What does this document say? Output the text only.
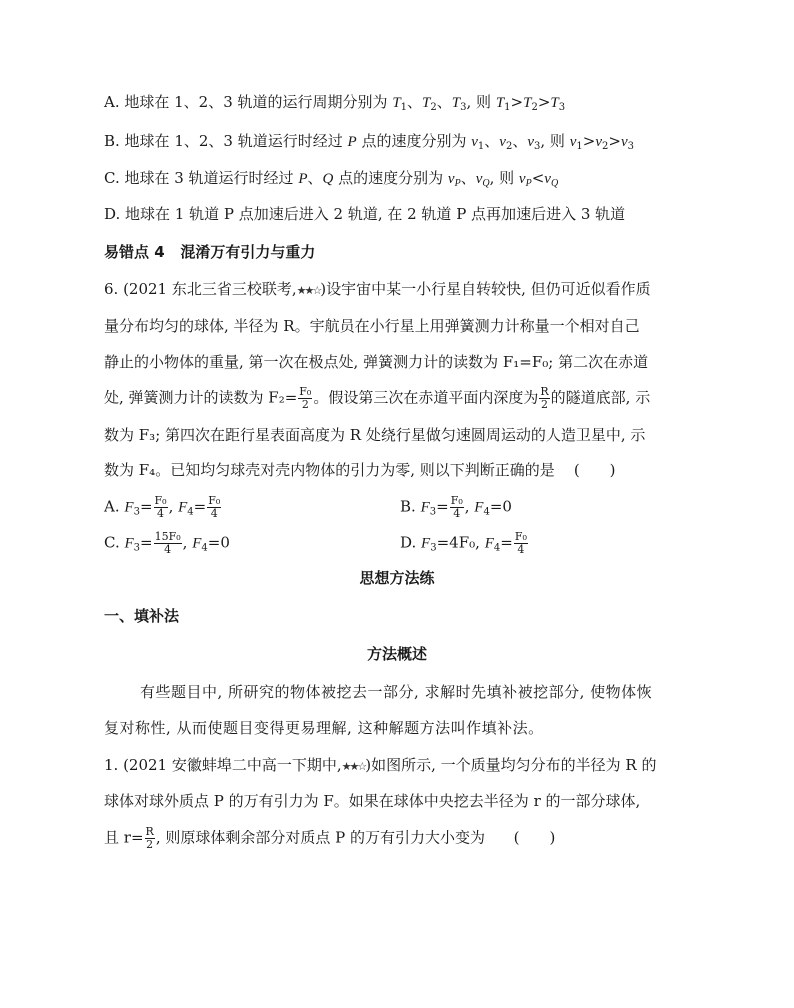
A. 地球在 1、2、3 轨道的运行周期分别为 $T_1$、$T_2$、$T_3$, 则 $T_1>T_2>T_3$
B. 地球在 1、2、3 轨道运行时经过 P 点的速度分别为 $v_1$、$v_2$、$v_3$, 则 $v_1>v_2>v_3$
C. 地球在 3 轨道运行时经过 P、Q 点的速度分别为 $v_P$、$v_Q$, 则 $v_P<v_Q$
D. 地球在 1 轨道 P 点加速后进入 2 轨道, 在 2 轨道 P 点再加速后进入 3 轨道
易错点 4 混淆万有引力与重力
6. (2021 东北三省三校联考,★★☆)设宇宙中某一小行星自转较快, 但仍可近似看作质
量分布均匀的球体, 半径为 R。宇航员在小行星上用弹簧测力计称量一个相对自己
静止的小物体的重量, 第一次在极点处, 弹簧测力计的读数为 F₁=F₀; 第二次在赤道
处, 弹簧测力计的读数为 $F_2= \frac{\text{F₀}}{2}$ 。假设第三次在赤道平面内深度为 $\frac{R}{2}$ 的隧道底部, 示
数为 F₃; 第四次在距行星表面高度为 R 处绕行星做匀速圆周运动的人造卫星中, 示
数为 F₄。已知均匀球壳对壳内物体的引力为零, 则以下判断正确的是 (　　)
A. $F_3= \frac{\text{F₀}}{4}$ , $F_4= \frac{\text{F₀}}{4}$	B. $F_3= \frac{\text{F₀}}{4}$ , $F_4=0$
C. $F_3= \frac{\text{15F₀}}{4}$ , $F_4=0$	D. $F_3=4F_0$, $F_4= \frac{\text{F₀}}{4}$
思想方法练
一、填补法
方法概述
有些题目中, 所研究的物体被挖去一部分, 求解时先填补被挖部分, 使物体恢
复对称性, 从而使题目变得更易理解, 这种解题方法叫作填补法。
1. (2021 安徽蚌埠二中高一下期中,★★☆)如图所示, 一个质量均匀分布的半径为 R 的
球体对球外质点 P 的万有引力为 F。如果在球体中央挖去半径为 r 的一部分球体,
且 $r= \frac{R}{2}$ , 则原球体剩余部分对质点 P 的万有引力大小变为 (　　)
